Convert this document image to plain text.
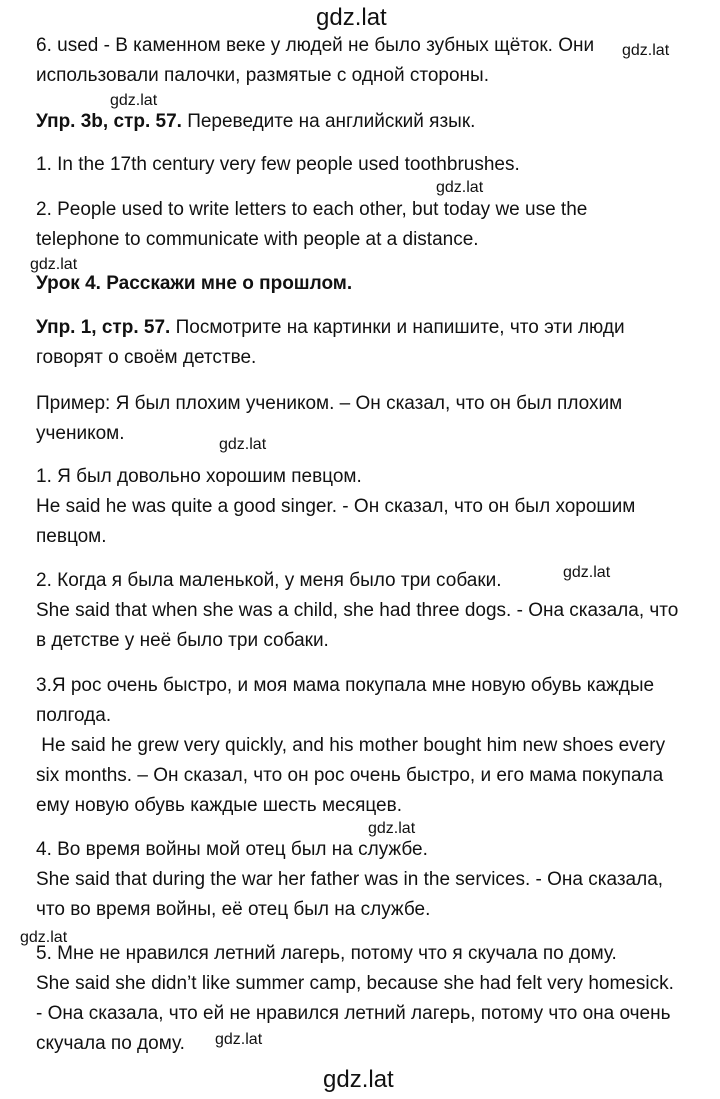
gdz.lat
gdz.lat
gdz.lat
gdz.lat
gdz.lat
gdz.lat
gdz.lat
gdz.lat
gdz.lat
gdz.lat
gdz.lat
6. used - В каменном веке у людей не было зубных щёток. Они
использовали палочки, размятые с одной стороны.
Упр. 3b, стр. 57. Переведите на английский язык.
1. In the 17th century very few people used toothbrushes.
2. People used to write letters to each other, but today we use the
telephone to communicate with people at a distance.
Урок 4. Расскажи мне о прошлом.
Упр. 1, стр. 57. Посмотрите на картинки и напишите, что эти люди
говорят о своём детстве.
Пример: Я был плохим учеником. – Он сказал, что он был плохим
учеником.
1. Я был довольно хорошим певцом.
He said he was quite a good singer. - Он сказал, что он был хорошим
певцом.
2. Когда я была маленькой, у меня было три собаки.
She said that when she was a child, she had three dogs. - Она сказала, что
в детстве у неё было три собаки.
3.Я рос очень быстро, и моя мама покупала мне новую обувь каждые
полгода.
He said he grew very quickly, and his mother bought him new shoes every
six months. – Он сказал, что он рос очень быстро, и его мама покупала
ему новую обувь каждые шесть месяцев.
4. Во время войны мой отец был на службе.
She said that during the war her father was in the services. - Она сказала,
что во время войны, её отец был на службе.
5. Мне не нравился летний лагерь, потому что я скучала по дому.
She said she didn’t like summer camp, because she had felt very homesick.
- Она сказала, что ей не нравился летний лагерь, потому что она очень
скучала по дому.
